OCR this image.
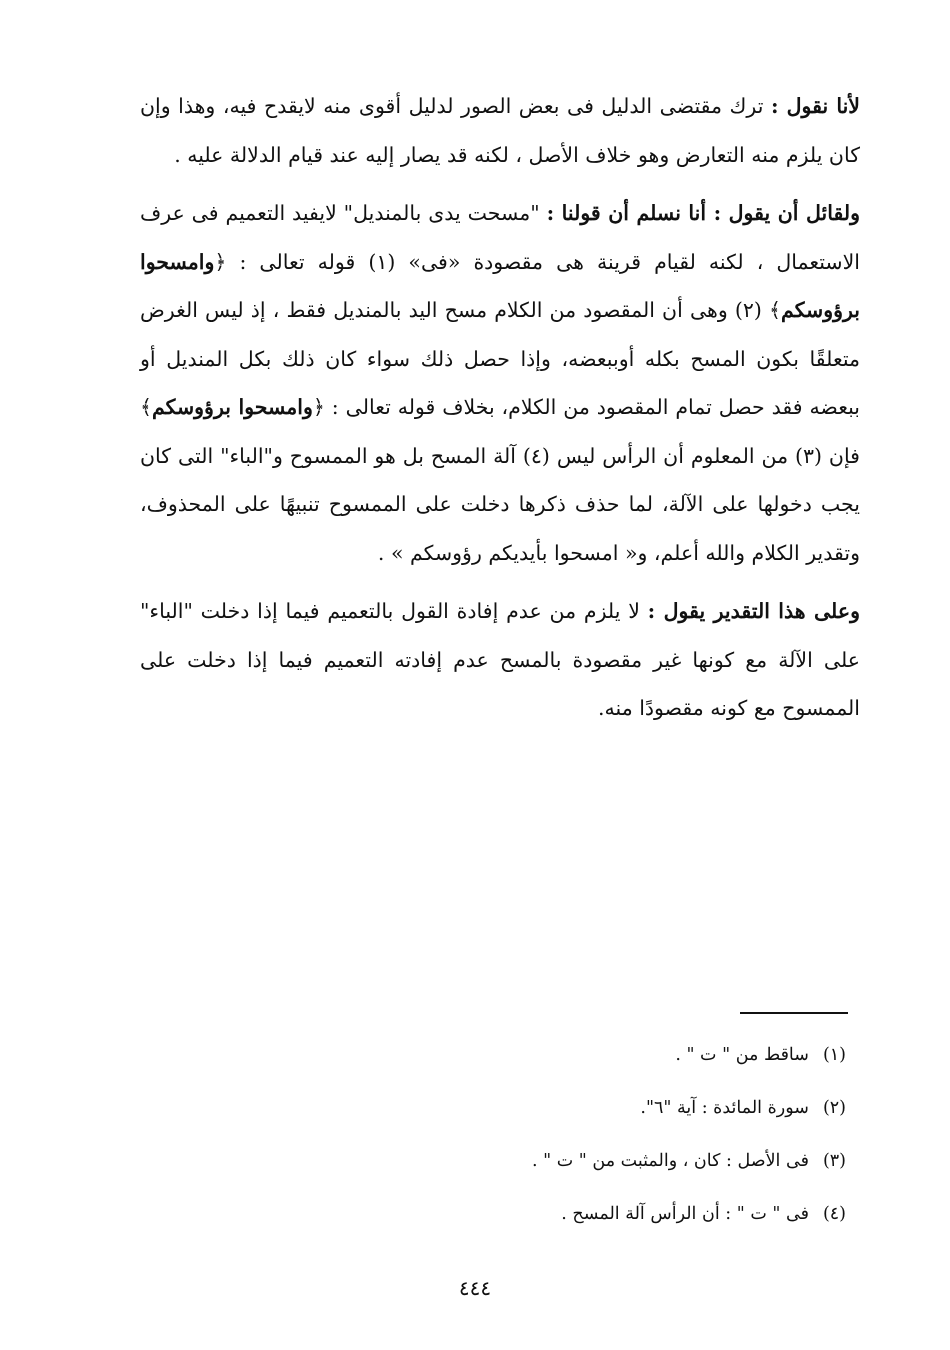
لأنا نقول : ترك مقتضى الدليل فى بعض الصور لدليل أقوى منه لايقدح فيه، وهذا وإن كان يلزم منه التعارض وهو خلاف الأصل ، لكنه قد يصار إليه عند قيام الدلالة عليه .

ولقائل أن يقول : أنا نسلم أن قولنا : "مسحت يدى بالمنديل" لايفيد التعميم فى عرف الاستعمال ، لكنه لقيام قرينة هى مقصودة «فى» (١) قوله تعالى : ﴿وامسحوا برؤوسكم﴾ (٢) وهى أن المقصود من الكلام مسح اليد بالمنديل فقط ، إذ ليس الغرض متعلقًا بكون المسح بكله أوببعضه، وإذا حصل ذلك سواء كان ذلك بكل المنديل أو ببعضه فقد حصل تمام المقصود من الكلام، بخلاف قوله تعالى : ﴿وامسحوا برؤوسكم﴾ فإن (٣) من المعلوم أن الرأس ليس (٤) آلة المسح بل هو الممسوح و"الباء" التى كان يجب دخولها على الآلة، لما حذف ذكرها دخلت على الممسوح تنبيهًا على المحذوف، وتقدير الكلام والله أعلم، و« امسحوا بأيديكم رؤوسكم » .

وعلى هذا التقدير يقول : لا يلزم من عدم إفادة القول بالتعميم فيما إذا دخلت "الباء" على الآلة مع كونها غير مقصودة بالمسح عدم إفادته التعميم فيما إذا دخلت على الممسوح مع كونه مقصودًا منه.

(١)ساقط من " ت " .
(٢)سورة المائدة : آية "٦".
(٣)فى الأصل : كان ، والمثبت من " ت " .
(٤)فى " ت " : أن الرأس آلة المسح .
٤٤٤
